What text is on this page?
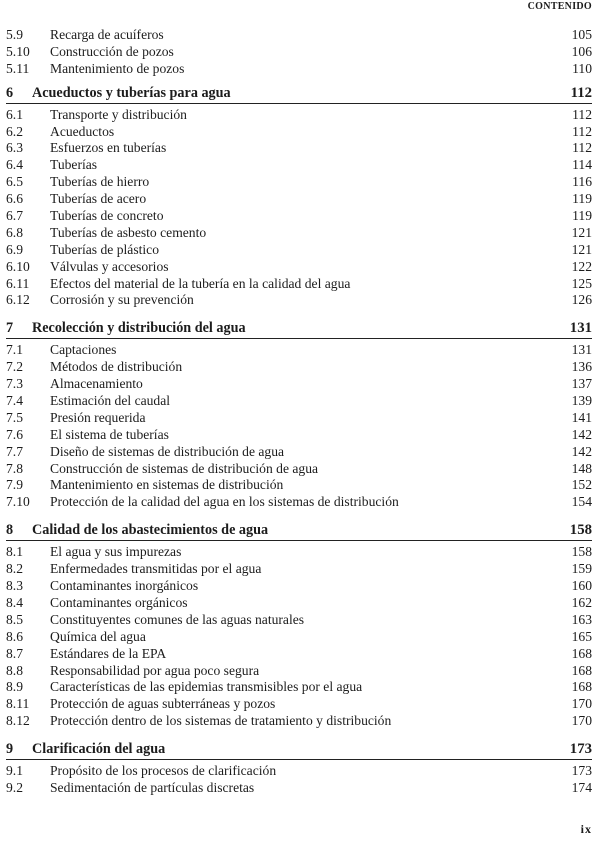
CONTENIDO
5.9	Recarga de acuíferos	105
5.10	Construcción de pozos	106
5.11	Mantenimiento de pozos	110
6	Acueductos y tuberías para agua	112
6.1	Transporte y distribución	112
6.2	Acueductos	112
6.3	Esfuerzos en tuberías	112
6.4	Tuberías	114
6.5	Tuberías de hierro	116
6.6	Tuberías de acero	119
6.7	Tuberías de concreto	119
6.8	Tuberías de asbesto cemento	121
6.9	Tuberías de plástico	121
6.10	Válvulas y accesorios	122
6.11	Efectos del material de la tubería en la calidad del agua	125
6.12	Corrosión y su prevención	126
7	Recolección y distribución del agua	131
7.1	Captaciones	131
7.2	Métodos de distribución	136
7.3	Almacenamiento	137
7.4	Estimación del caudal	139
7.5	Presión requerida	141
7.6	El sistema de tuberías	142
7.7	Diseño de sistemas de distribución de agua	142
7.8	Construcción de sistemas de distribución de agua	148
7.9	Mantenimiento en sistemas de distribución	152
7.10	Protección de la calidad del agua en los sistemas de distribución	154
8	Calidad de los abastecimientos de agua	158
8.1	El agua y sus impurezas	158
8.2	Enfermedades transmitidas por el agua	159
8.3	Contaminantes inorgánicos	160
8.4	Contaminantes orgánicos	162
8.5	Constituyentes comunes de las aguas naturales	163
8.6	Química del agua	165
8.7	Estándares de la EPA	168
8.8	Responsabilidad por agua poco segura	168
8.9	Características de las epidemias transmisibles por el agua	168
8.11	Protección de aguas subterráneas y pozos	170
8.12	Protección dentro de los sistemas de tratamiento y distribución	170
9	Clarificación del agua	173
9.1	Propósito de los procesos de clarificación	173
9.2	Sedimentación de partículas discretas	174
ix
